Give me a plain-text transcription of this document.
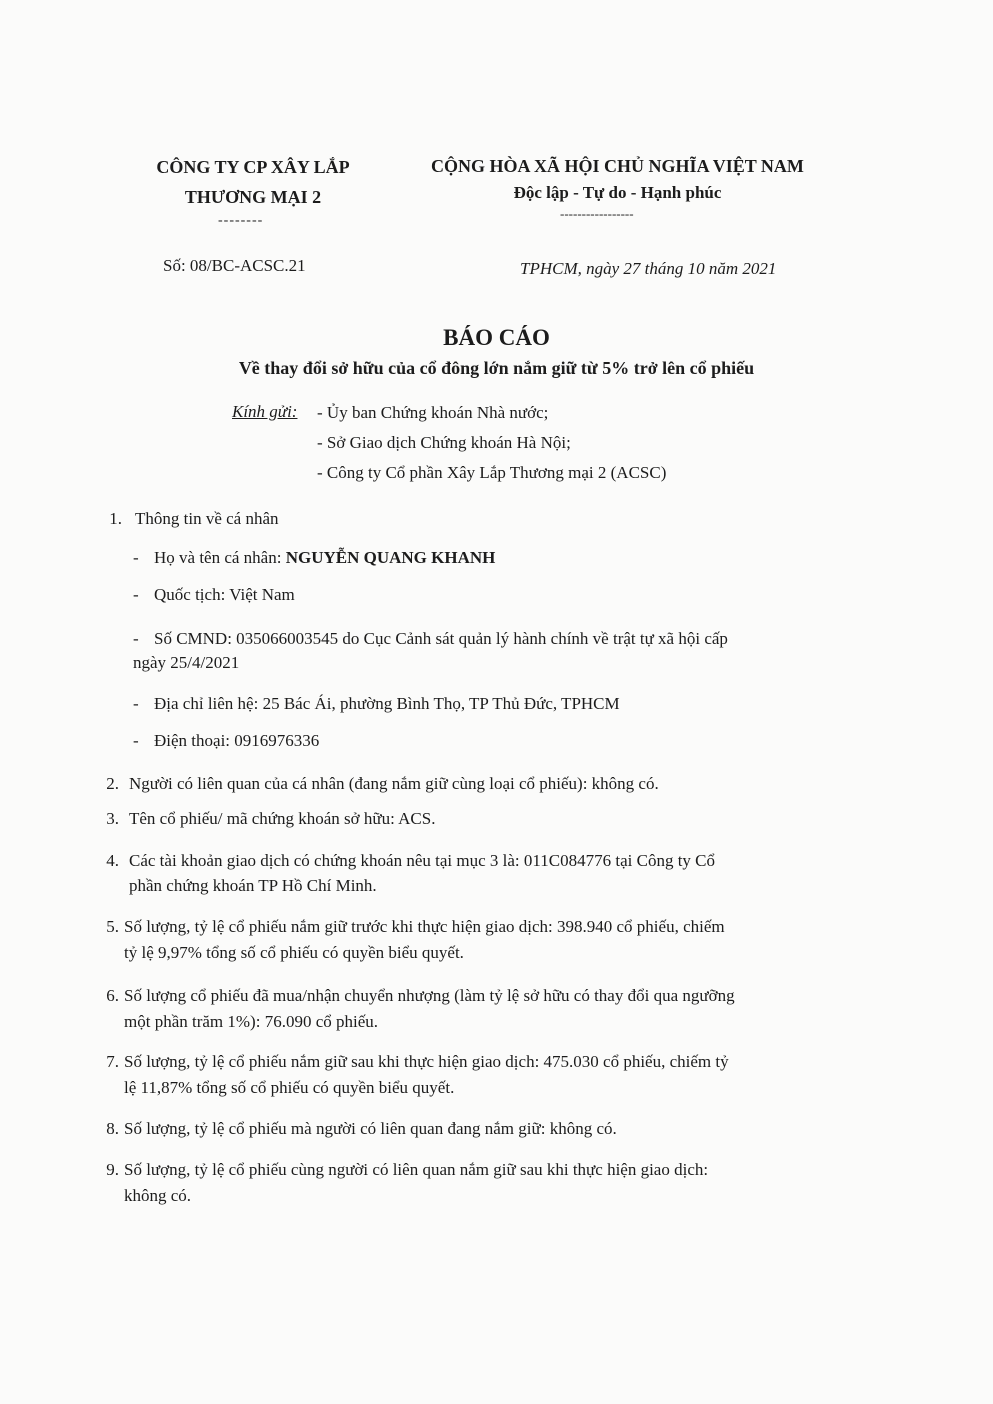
CÔNG TY CP XÂY LẮP
THƯƠNG MẠI 2
--------
CỘNG HÒA XÃ HỘI CHỦ NGHĨA VIỆT NAM
Độc lập - Tự do - Hạnh phúc
-----------------
Số: 08/BC-ACSC.21	TPHCM, ngày 27 tháng 10 năm 2021
BÁO CÁO
Về thay đổi sở hữu của cổ đông lớn nắm giữ từ 5% trở lên cổ phiếu
Kính gửi: - Ủy ban Chứng khoán Nhà nước;
- Sở Giao dịch Chứng khoán Hà Nội;
- Công ty Cổ phần Xây Lắp Thương mại 2 (ACSC)
1. Thông tin về cá nhân
- Họ và tên cá nhân: NGUYỄN QUANG KHANH
- Quốc tịch: Việt Nam
- Số CMND: 035066003545 do Cục Cảnh sát quản lý hành chính về trật tự xã hội cấp
ngày 25/4/2021
- Địa chỉ liên hệ: 25 Bác Ái, phường Bình Thọ, TP Thủ Đức, TPHCM
- Điện thoại: 0916976336
2. Người có liên quan của cá nhân (đang nắm giữ cùng loại cổ phiếu): không có.
3. Tên cổ phiếu/ mã chứng khoán sở hữu: ACS.
4. Các tài khoản giao dịch có chứng khoán nêu tại mục 3 là: 011C084776 tại Công ty Cổ
phần chứng khoán TP Hồ Chí Minh.
5. Số lượng, tỷ lệ cổ phiếu nắm giữ trước khi thực hiện giao dịch: 398.940 cổ phiếu, chiếm
tỷ lệ 9,97% tổng số cổ phiếu có quyền biểu quyết.
6. Số lượng cổ phiếu đã mua/nhận chuyển nhượng (làm tỷ lệ sở hữu có thay đổi qua ngưỡng
một phần trăm 1%): 76.090 cổ phiếu.
7. Số lượng, tỷ lệ cổ phiếu nắm giữ sau khi thực hiện giao dịch: 475.030 cổ phiếu, chiếm tỷ
lệ 11,87% tổng số cổ phiếu có quyền biểu quyết.
8. Số lượng, tỷ lệ cổ phiếu mà người có liên quan đang nắm giữ: không có.
9. Số lượng, tỷ lệ cổ phiếu cùng người có liên quan nắm giữ sau khi thực hiện giao dịch:
không có.
